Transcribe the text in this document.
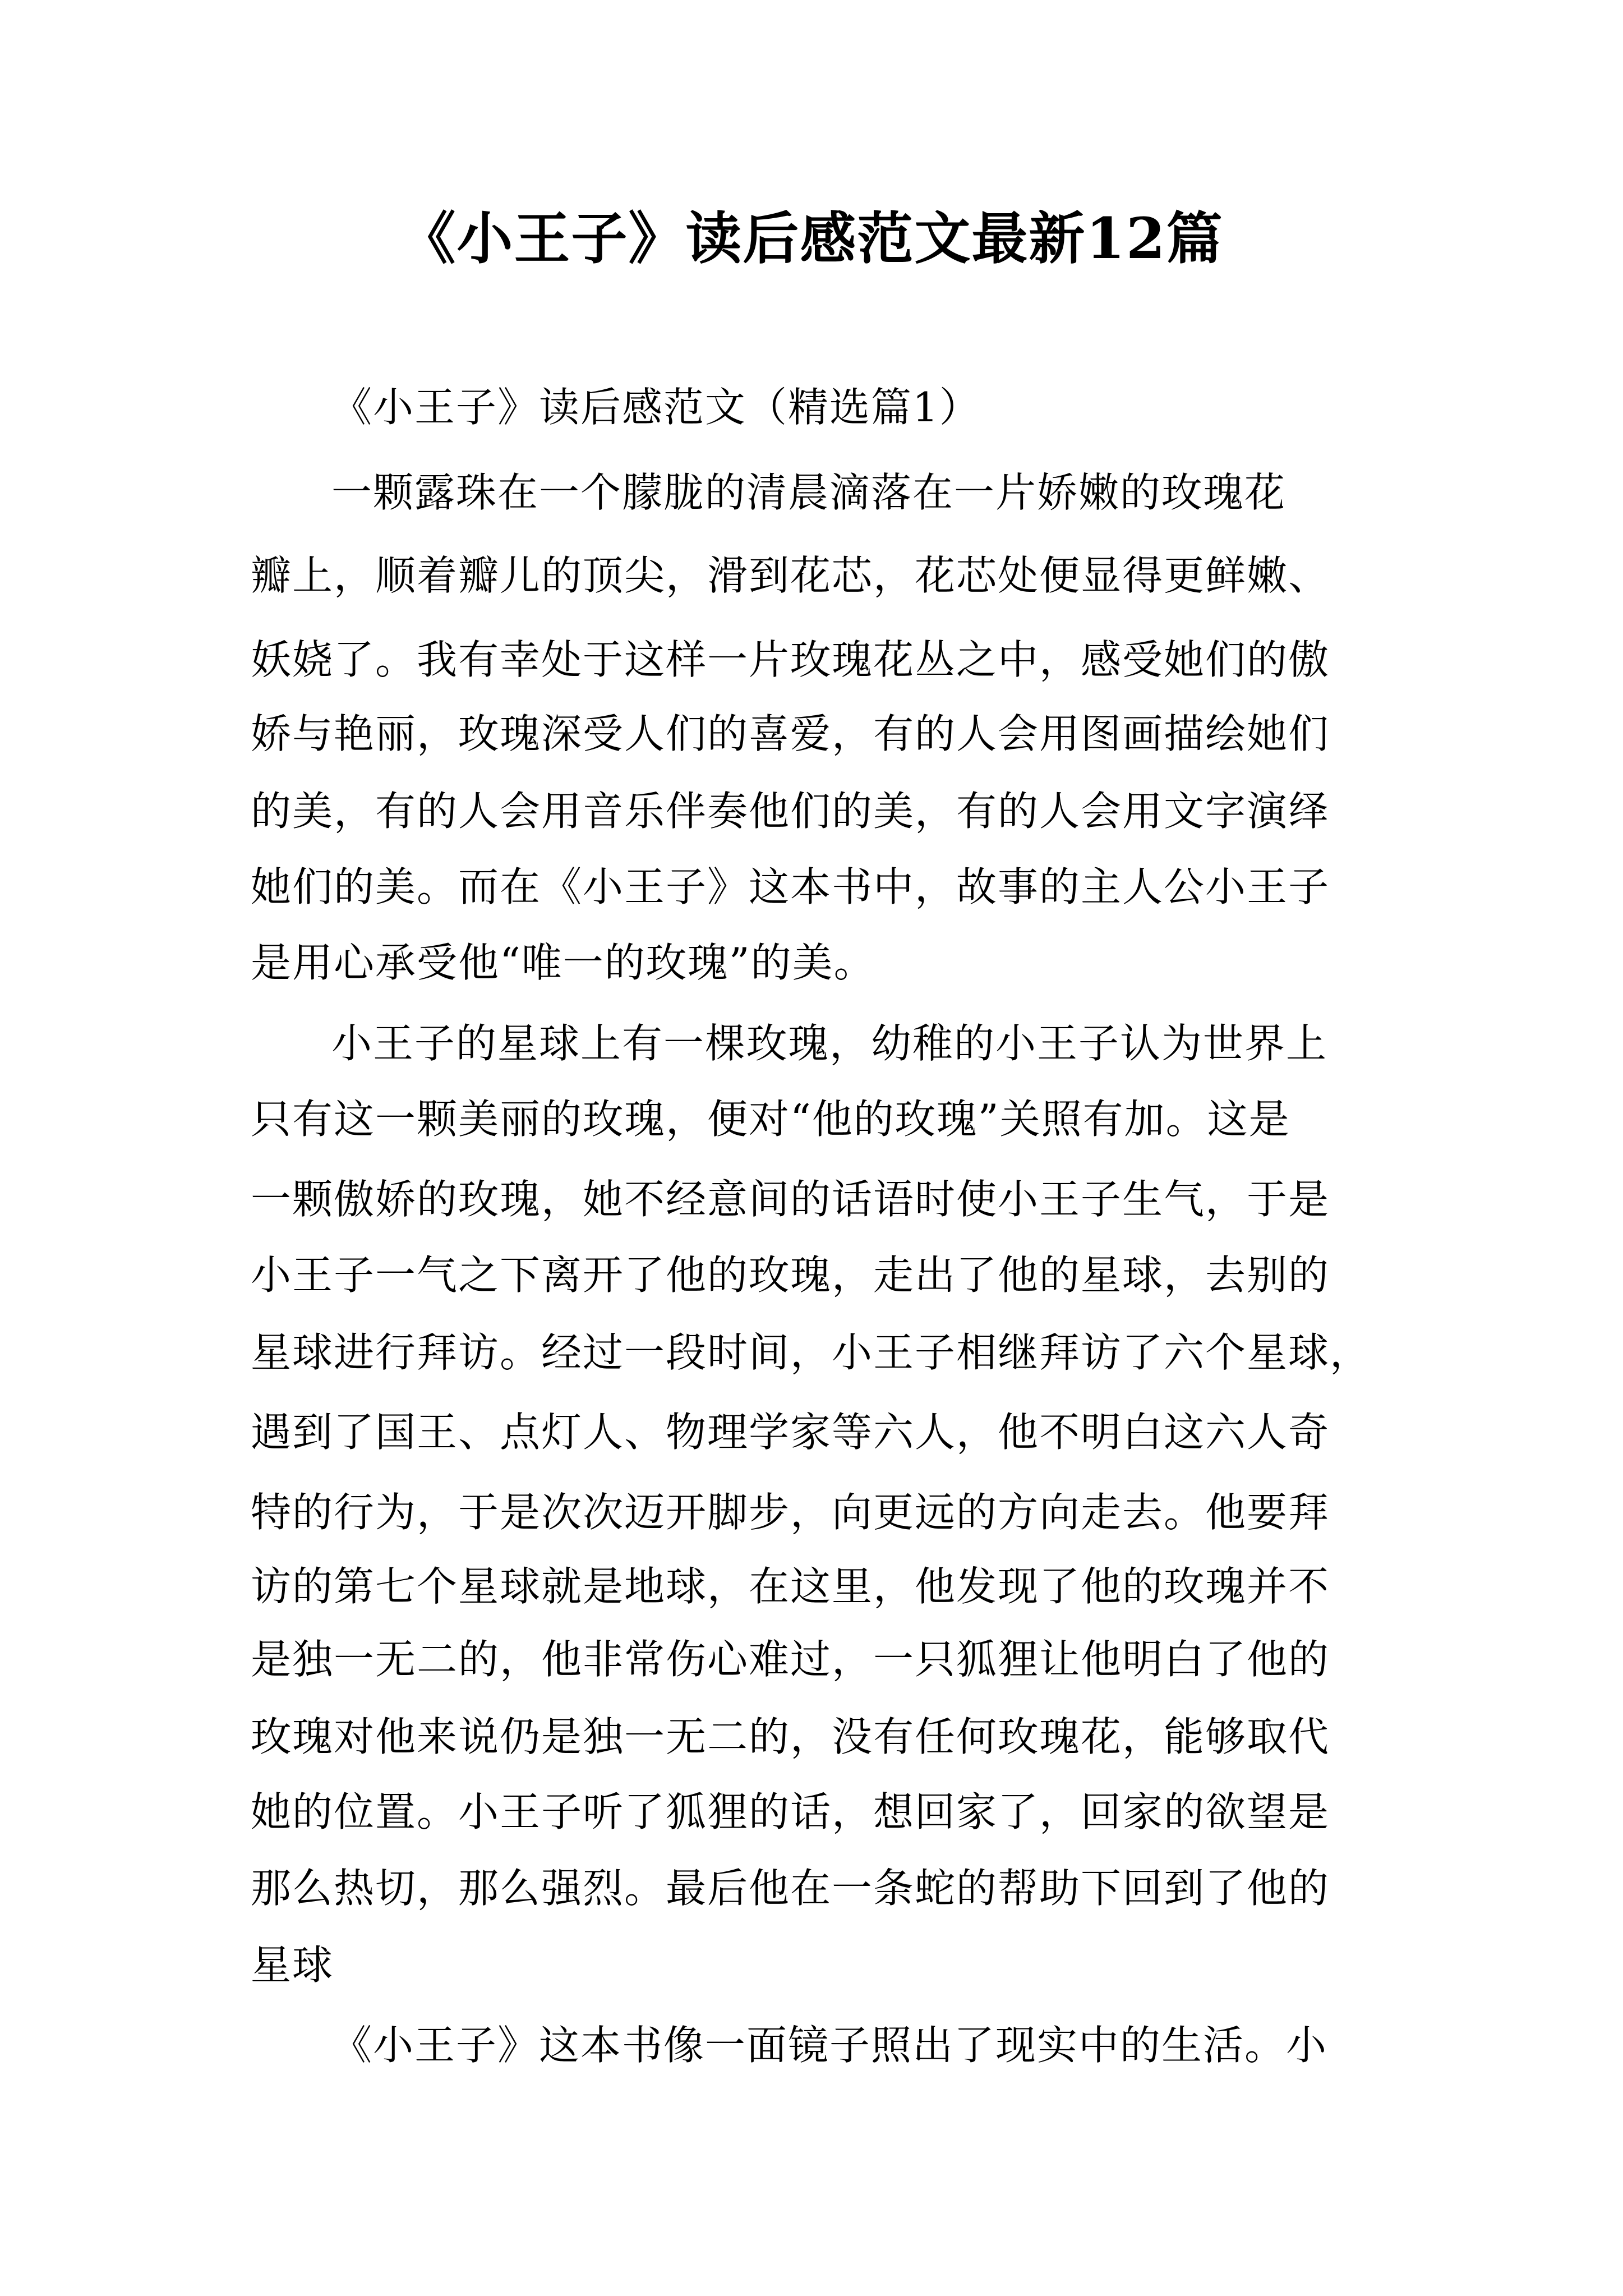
《小王子》读后感范文最新12篇
《小王子》读后感范文（精选篇1）
一颗露珠在一个朦胧的清晨滴落在一片娇嫩的玫瑰花
瓣上，顺着瓣儿的顶尖，滑到花芯，花芯处便显得更鲜嫩、
妖娆了。我有幸处于这样一片玫瑰花丛之中，感受她们的傲
娇与艳丽，玫瑰深受人们的喜爱，有的人会用图画描绘她们
的美，有的人会用音乐伴奏他们的美，有的人会用文字演绎
她们的美。而在《小王子》这本书中，故事的主人公小王子
是用心承受他“唯一的玫瑰”的美。
小王子的星球上有一棵玫瑰，幼稚的小王子认为世界上
只有这一颗美丽的玫瑰，便对“他的玫瑰”关照有加。这是
一颗傲娇的玫瑰，她不经意间的话语时使小王子生气，于是
小王子一气之下离开了他的玫瑰，走出了他的星球，去别的
星球进行拜访。经过一段时间，小王子相继拜访了六个星球，
遇到了国王、点灯人、物理学家等六人，他不明白这六人奇
特的行为，于是次次迈开脚步，向更远的方向走去。他要拜
访的第七个星球就是地球，在这里，他发现了他的玫瑰并不
是独一无二的，他非常伤心难过，一只狐狸让他明白了他的
玫瑰对他来说仍是独一无二的，没有任何玫瑰花，能够取代
她的位置。小王子听了狐狸的话，想回家了，回家的欲望是
那么热切，那么强烈。最后他在一条蛇的帮助下回到了他的
星球
《小王子》这本书像一面镜子照出了现实中的生活。小
